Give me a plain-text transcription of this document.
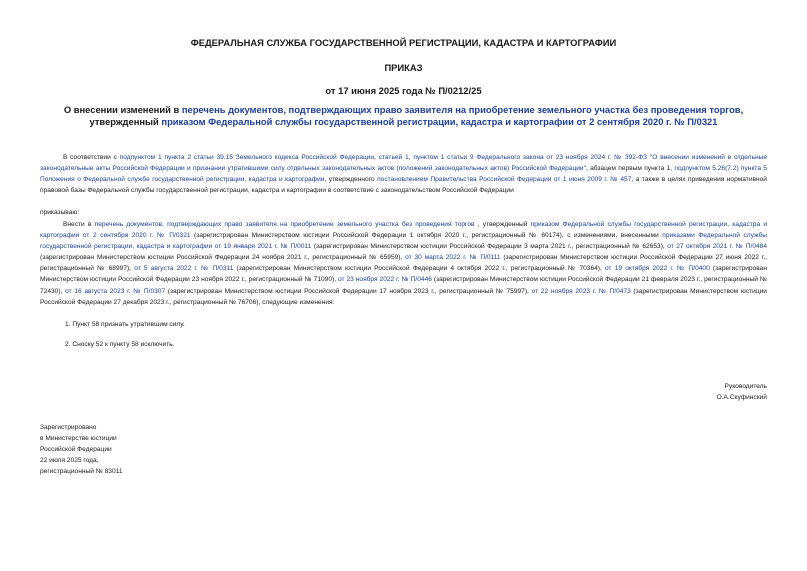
ФЕДЕРАЛЬНАЯ СЛУЖБА ГОСУДАРСТВЕННОЙ РЕГИСТРАЦИИ, КАДАСТРА И КАРТОГРАФИИ
ПРИКАЗ
от 17 июня 2025 года № П/0212/25
О внесении изменений в перечень документов, подтверждающих право заявителя на приобретение земельного участка без проведения торгов, утвержденный приказом Федеральной службы государственной регистрации, кадастра и картографии от 2 сентября 2020 г. № П/0321
В соответствии с подпунктом 1 пункта 2 статьи 39.15 Земельного кодекса Российской Федерации, статьей 1, пунктом 1 статьи 9 Федерального закона от 23 ноября 2024 г. № 392-ФЗ "О внесении изменений в отдельные законодательные акты Российской Федерации и признании утратившими силу отдельных законодательных актов (положений законодательных актов) Российской Федерации", абзацем первым пункта 1, подпунктом 5.26(7.2) пункта 5 Положения о Федеральной службе государственной регистрации, кадастра и картографии, утвержденного постановлением Правительства Российской Федерации от 1 июня 2009 г. № 457, а также в целях приведения нормативной правовой базы Федеральной службы государственной регистрации, кадастра и картографии в соответствие с законодательством Российской Федерации
приказываю:
Внести в перечень документов, подтверждающих право заявителя на приобретение земельного участка без проведения торгов , утвержденный приказом Федеральной службы государственной регистрации, кадастра и картографии от 2 сентября 2020 г. № П/0321 (зарегистрирован Министерством юстиции Российской Федерации 1 октября 2020 г., регистрационный № 60174), с изменениями, внесенными приказами Федеральной службы государственной регистрации, кадастра и картографии от 19 января 2021 г. № П/0011 (зарегистрирован Министерством юстиции Российской Федерации 3 марта 2021 г., регистрационный № 62653), от 27 октября 2021 г. № П/0484 (зарегистрирован Министерством юстиции Российской Федерации 24 ноября 2021 г., регистрационный № 65959), от 30 марта 2022 г. № П/0111 (зарегистрирован Министерством юстиции Российской Федерации 27 июня 2022 г., регистрационный № 68997), от 5 августа 2022 г. № П/0311 (зарегистрирован Министерством юстиции Российской Федерации 4 октября 2022 г., регистрационный № 70364), от 19 октября 2022 г. № П/0400 (зарегистрирован Министерством юстиции Российской Федерации 23 ноября 2022 г., регистрационный № 71090), от 23 ноября 2022 г. № П/0446 (зарегистрирован Министерством юстиции Российской Федерации 21 февраля 2023 г., регистрационный № 72430), от 16 августа 2023 г. № П/0307 (зарегистрирован Министерством юстиции Российской Федерации 17 ноября 2023 г., регистрационный № 75997), от 22 ноября 2023 г. № П/0473 (зарегистрирован Министерством юстиции Российской Федерации 27 декабря 2023 г., регистрационный № 76706), следующие изменения:
1. Пункт 58 признать утратившим силу.
2. Сноску 52 к пункту 58 исключить.
Руководитель
О.А.Скуфинский
Зарегистрировано
в Министерстве юстиции
Российской Федерации
22 июля 2025 года,
регистрационный № 83011
